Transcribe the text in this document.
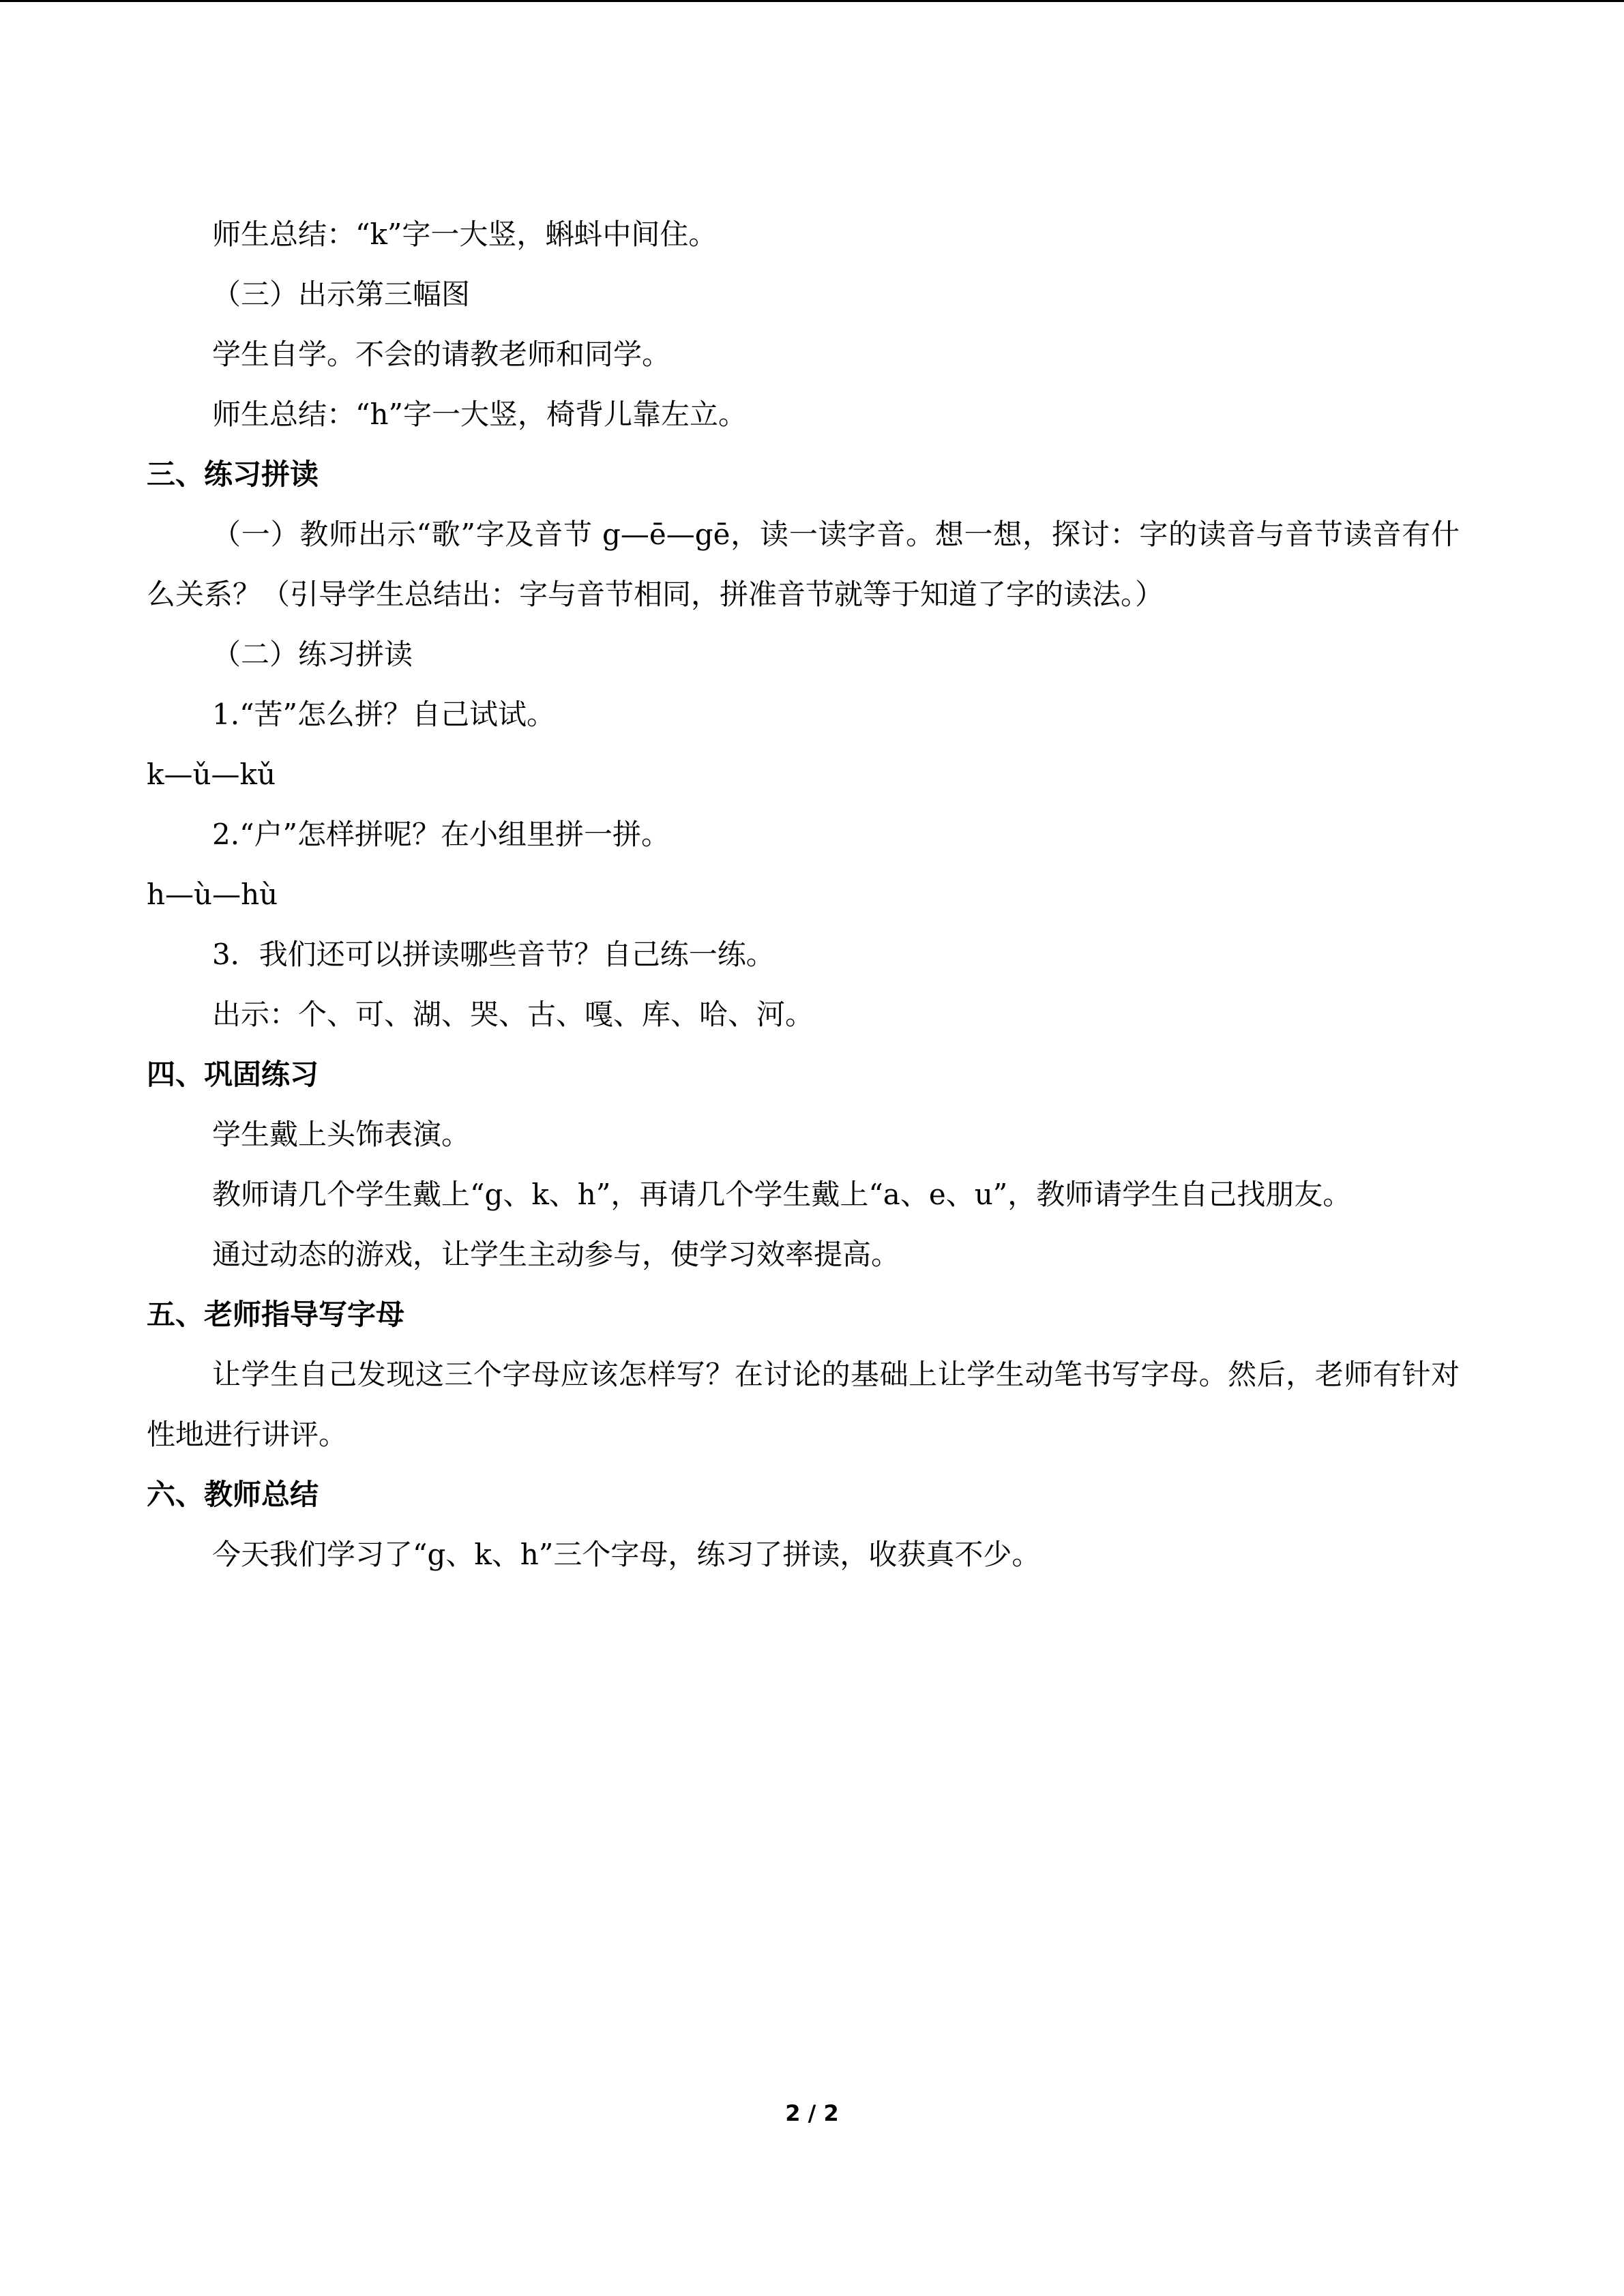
师生总结：“k”字一大竖，蝌蚪中间住。

（三）出示第三幅图

学生自学。不会的请教老师和同学。

师生总结：“h”字一大竖，椅背儿靠左立。

三、练习拼读

（一）教师出示“歌”字及音节 g—ē—gē，读一读字音。想一想，探讨：字的读音与音节读音有什么关系？（引导学生总结出：字与音节相同，拼准音节就等于知道了字的读法。）

（二）练习拼读

1.“苦”怎么拼？自己试试。

k—ǔ—kǔ

2.“户”怎样拼呢？在小组里拼一拼。

h—ù—hù

3．我们还可以拼读哪些音节？自己练一练。

出示：个、可、湖、哭、古、嘎、库、哈、河。

四、巩固练习

学生戴上头饰表演。

教师请几个学生戴上“g、k、h”，再请几个学生戴上“a、e、u”，教师请学生自己找朋友。

通过动态的游戏，让学生主动参与，使学习效率提高。

五、老师指导写字母

让学生自己发现这三个字母应该怎样写？在讨论的基础上让学生动笔书写字母。然后，老师有针对性地进行讲评。

六、教师总结

今天我们学习了“g、k、h”三个字母，练习了拼读，收获真不少。

2 / 2
